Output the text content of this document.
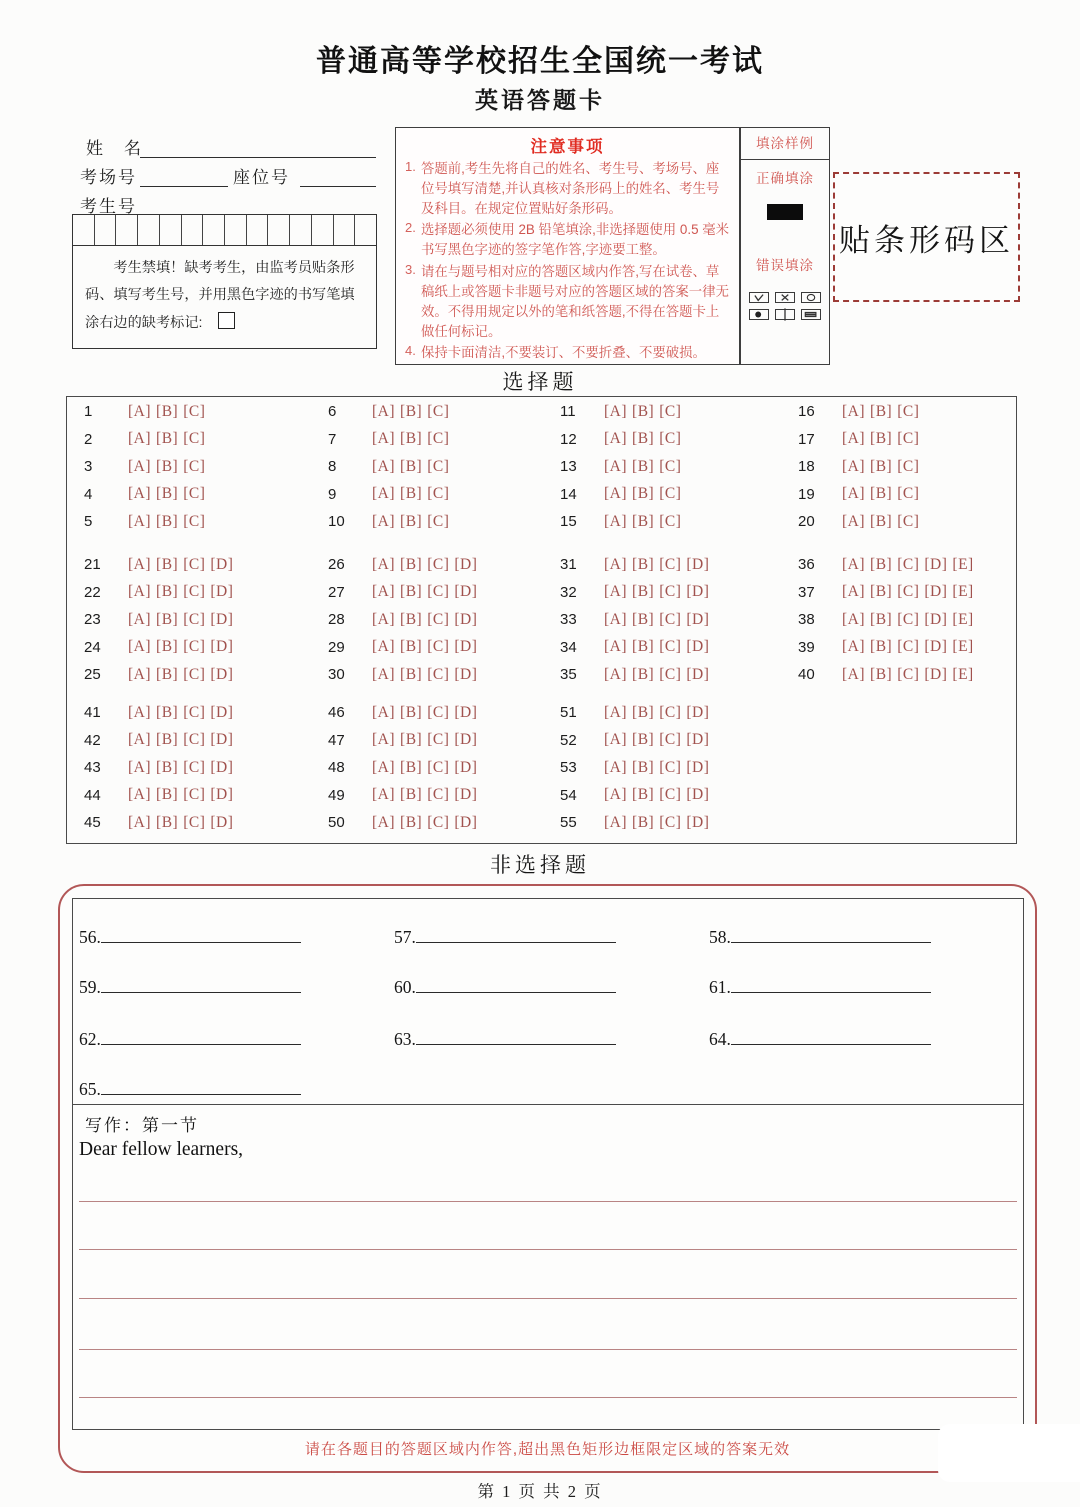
普通高等学校招生全国统一考试
英语答题卡
姓　名
考场号	座位号
考生号
考生禁填！缺考考生，由监考员贴条形码、填写考生号，并用黑色字迹的书写笔填涂右边的缺考标记:
注意事项
1. 答题前,考生先将自己的姓名、考生号、考场号、座位号填写清楚,并认真核对条形码上的姓名、考生号及科目。在规定位置贴好条形码。
2. 选择题必须使用 2B 铅笔填涂,非选择题使用 0.5 毫米书写黑色字迹的签字笔作答,字迹要工整。
3. 请在与题号相对应的答题区域内作答,写在试卷、草稿纸上或答题卡非题号对应的答题区域的答案一律无效。不得用规定以外的笔和纸答题,不得在答题卡上做任何标记。
4. 保持卡面清洁,不要装订、不要折叠、不要破损。
填涂样例
正确填涂
错误填涂
贴条形码区
选择题
1	[A] [B] [C]
2	[A] [B] [C]
3	[A] [B] [C]
4	[A] [B] [C]
5	[A] [B] [C]
6	[A] [B] [C]
7	[A] [B] [C]
8	[A] [B] [C]
9	[A] [B] [C]
10	[A] [B] [C]
11	[A] [B] [C]
12	[A] [B] [C]
13	[A] [B] [C]
14	[A] [B] [C]
15	[A] [B] [C]
16	[A] [B] [C]
17	[A] [B] [C]
18	[A] [B] [C]
19	[A] [B] [C]
20	[A] [B] [C]
21	[A] [B] [C] [D]
22	[A] [B] [C] [D]
23	[A] [B] [C] [D]
24	[A] [B] [C] [D]
25	[A] [B] [C] [D]
26	[A] [B] [C] [D]
27	[A] [B] [C] [D]
28	[A] [B] [C] [D]
29	[A] [B] [C] [D]
30	[A] [B] [C] [D]
31	[A] [B] [C] [D]
32	[A] [B] [C] [D]
33	[A] [B] [C] [D]
34	[A] [B] [C] [D]
35	[A] [B] [C] [D]
36	[A] [B] [C] [D] [E]
37	[A] [B] [C] [D] [E]
38	[A] [B] [C] [D] [E]
39	[A] [B] [C] [D] [E]
40	[A] [B] [C] [D] [E]
41	[A] [B] [C] [D]
42	[A] [B] [C] [D]
43	[A] [B] [C] [D]
44	[A] [B] [C] [D]
45	[A] [B] [C] [D]
46	[A] [B] [C] [D]
47	[A] [B] [C] [D]
48	[A] [B] [C] [D]
49	[A] [B] [C] [D]
50	[A] [B] [C] [D]
51	[A] [B] [C] [D]
52	[A] [B] [C] [D]
53	[A] [B] [C] [D]
54	[A] [B] [C] [D]
55	[A] [B] [C] [D]
非选择题
56.	57.	58.
59.	60.	61.
62.	63.	64.
65.
写作：第一节
Dear fellow learners,
请在各题目的答题区域内作答,超出黑色矩形边框限定区域的答案无效
第 1 页 共 2 页
